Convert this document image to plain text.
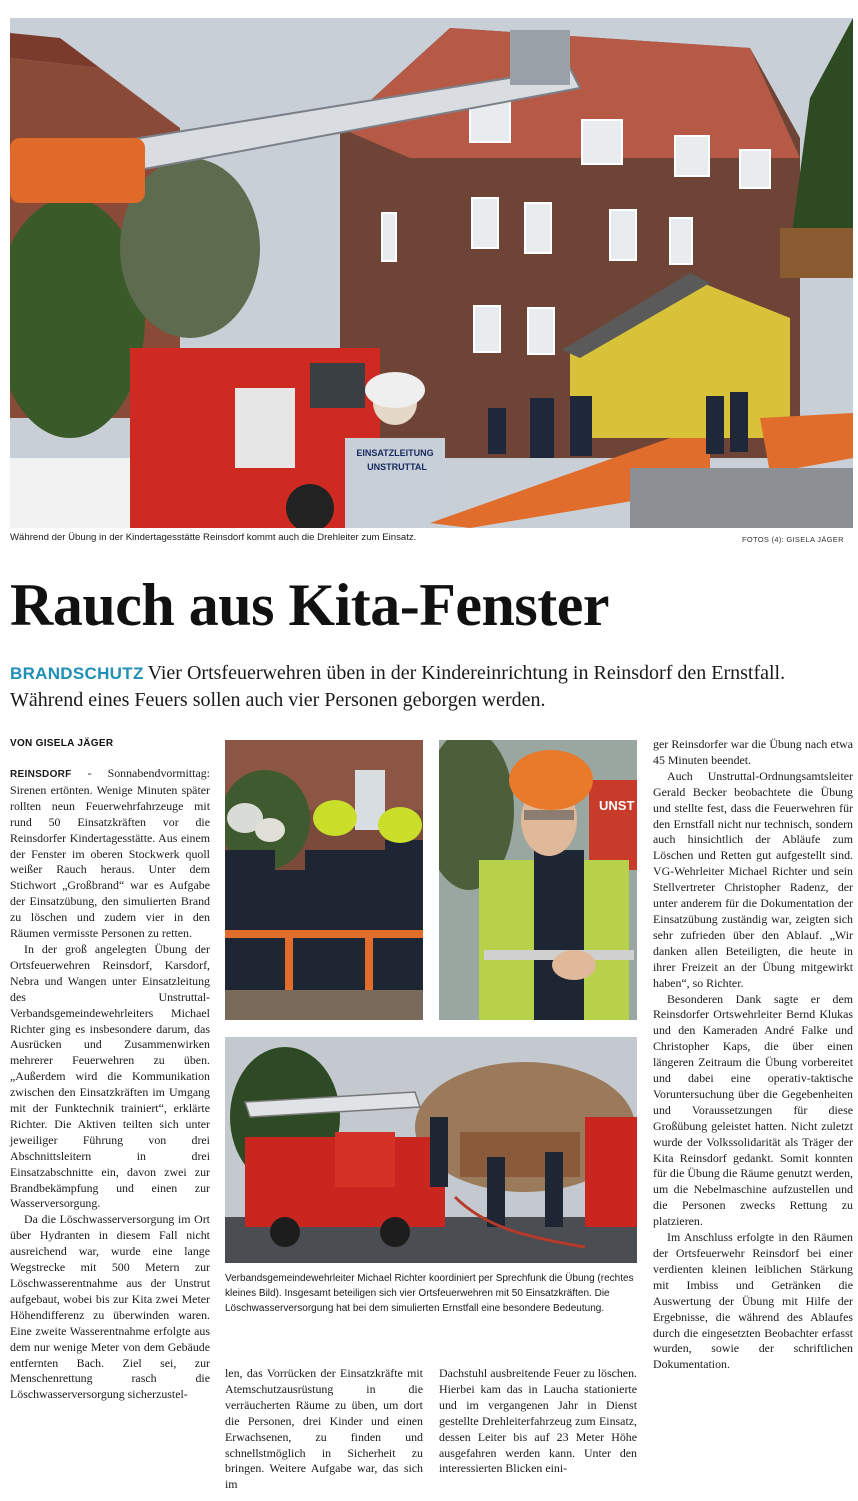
EINSATZLEITUNG
UNSTRUTTAL
Während der Übung in der Kindertagesstätte Reinsdorf kommt auch die Drehleiter zum Einsatz.	FOTOS (4): GISELA JÄGER
Rauch aus Kita-Fenster
BRANDSCHUTZ Vier Ortsfeuerwehren üben in der Kindereinrichtung in Reinsdorf den Ernstfall. Während eines Feuers sollen auch vier Personen geborgen werden.
VON GISELA JÄGER

REINSDORF - Sonnabendvormittag: Sirenen ertönten. Wenige Minuten später rollten neun Feuerwehrfahrzeuge mit rund 50 Einsatzkräften vor die Reinsdorfer Kindertagesstätte. Aus einem der Fenster im oberen Stockwerk quoll weißer Rauch heraus. Unter dem Stichwort „Großbrand“ war es Aufgabe der Einsatzübung, den simulierten Brand zu löschen und zudem vier in den Räumen vermisste Personen zu retten.

In der groß angelegten Übung der Ortsfeuerwehren Reinsdorf, Karsdorf, Nebra und Wangen unter Einsatzleitung des Unstruttal-Verbandsgemeindewehrleiters Michael Richter ging es insbesondere darum, das Ausrücken und Zusammenwirken mehrerer Feuerwehren zu üben. „Außerdem wird die Kommunikation zwischen den Einsatzkräften im Umgang mit der Funktechnik trainiert“, erklärte Richter. Die Aktiven teilten sich unter jeweiliger Führung von drei Abschnittsleitern in drei Einsatzabschnitte ein, davon zwei zur Brandbekämpfung und einen zur Wasserversorgung.

Da die Löschwasserversorgung im Ort über Hydranten in diesem Fall nicht ausreichend war, wurde eine lange Wegstrecke mit 500 Metern zur Löschwasserentnahme aus der Unstrut aufgebaut, wobei bis zur Kita zwei Meter Höhendifferenz zu überwinden waren. Eine zweite Wasserentnahme erfolgte aus dem nur wenige Meter von dem Gebäude entfernten Bach. Ziel sei, zur Menschenrettung rasch die Löschwasserversorgung sicherzustel-

UNST
Verbandsgemeindewehrleiter Michael Richter koordiniert per Sprechfunk die Übung (rechtes kleines Bild). Insgesamt beteiligen sich vier Ortsfeuerwehren mit 50 Einsatzkräften. Die Löschwasserversorgung hat bei dem simulierten Ernstfall eine besondere Bedeutung.

len, das Vorrücken der Einsatzkräfte mit Atemschutzausrüstung in die verräucherten Räume zu üben, um dort die Personen, drei Kinder und einen Erwachsenen, zu finden und schnellstmöglich in Sicherheit zu bringen. Weitere Aufgabe war, das sich im

Dachstuhl ausbreitende Feuer zu löschen. Hierbei kam das in Laucha stationierte und im vergangenen Jahr in Dienst gestellte Drehleiterfahrzeug zum Einsatz, dessen Leiter bis auf 23 Meter Höhe ausgefahren werden kann. Unter den interessierten Blicken eini-

ger Reinsdorfer war die Übung nach etwa 45 Minuten beendet.

Auch Unstruttal-Ordnungsamtsleiter Gerald Becker beobachtete die Übung und stellte fest, dass die Feuerwehren für den Ernstfall nicht nur technisch, sondern auch hinsichtlich der Abläufe zum Löschen und Retten gut aufgestellt sind. VG-Wehrleiter Michael Richter und sein Stellvertreter Christopher Radenz, der unter anderem für die Dokumentation der Einsatzübung zuständig war, zeigten sich sehr zufrieden über den Ablauf. „Wir danken allen Beteiligten, die heute in ihrer Freizeit an der Übung mitgewirkt haben“, so Richter.

Besonderen Dank sagte er dem Reinsdorfer Ortswehrleiter Bernd Klukas und den Kameraden André Falke und Christopher Kaps, die über einen längeren Zeitraum die Übung vorbereitet und dabei eine operativ-taktische Voruntersuchung über die Gegebenheiten und Voraussetzungen für diese Großübung geleistet hatten. Nicht zuletzt wurde der Volkssolidarität als Träger der Kita Reinsdorf gedankt. Somit konnten für die Übung die Räume genutzt werden, um die Nebelmaschine aufzustellen und die Personen zwecks Rettung zu platzieren.

Im Anschluss erfolgte in den Räumen der Ortsfeuerwehr Reinsdorf bei einer verdienten kleinen leiblichen Stärkung mit Imbiss und Getränken die Auswertung der Übung mit Hilfe der Ergebnisse, die während des Ablaufes durch die eingesetzten Beobachter erfasst wurden, sowie der schriftlichen Dokumentation.
